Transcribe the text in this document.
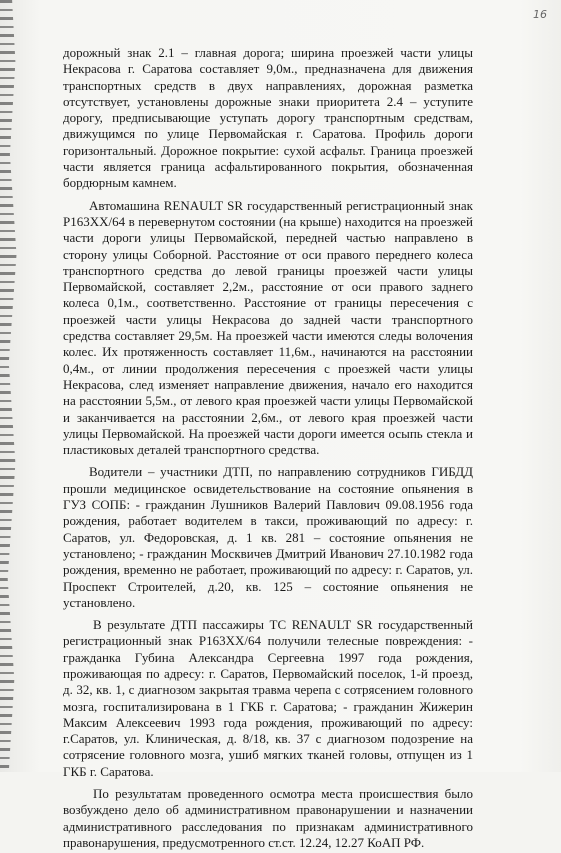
16

дорожный знак 2.1 – главная дорога; ширина проезжей части улицы Некрасова г. Саратова составляет 9,0м., предназначена для движения транспортных средств в двух направлениях, дорожная разметка отсутствует, установлены дорожные знаки приоритета 2.4 – уступите дорогу, предписывающие уступать дорогу транспортным средствам, движущимся по улице Первомайская г. Саратова. Профиль дороги горизонтальный. Дорожное покрытие: сухой асфальт. Граница проезжей части является граница асфальтированного покрытия, обозначенная бордюрным камнем.

Автомашина RENAULT SR государственный регистрационный знак Р163ХХ/64 в перевернутом состоянии (на крыше) находится на проезжей части дороги улицы Первомайской, передней частью направлено в сторону улицы Соборной. Расстояние от оси правого переднего колеса транспортного средства до левой границы проезжей части улицы Первомайской, составляет 2,2м., расстояние от оси правого заднего колеса 0,1м., соответственно. Расстояние от границы пересечения с проезжей части улицы Некрасова до задней части транспортного средства составляет 29,5м. На проезжей части имеются следы волочения колес. Их протяженность составляет 11,6м., начинаются на расстоянии 0,4м., от линии продолжения пересечения с проезжей части улицы Некрасова, след изменяет направление движения, начало его находится на расстоянии 5,5м., от левого края проезжей части улицы Первомайской и заканчивается на расстоянии 2,6м., от левого края проезжей части улицы Первомайской. На проезжей части дороги имеется осыпь стекла и пластиковых деталей транспортного средства.

Водители – участники ДТП, по направлению сотрудников ГИБДД прошли медицинское освидетельствование на состояние опьянения в ГУЗ СОПБ: - гражданин Лушников Валерий Павлович 09.08.1956 года рождения, работает водителем в такси, проживающий по адресу: г. Саратов, ул. Федоровская, д. 1 кв. 281 – состояние опьянения не установлено; - гражданин Москвичев Дмитрий Иванович 27.10.1982 года рождения, временно не работает, проживающий по адресу: г. Саратов, ул. Проспект Строителей, д.20, кв. 125 – состояние опьянения не установлено.

В результате ДТП пассажиры ТС RENAULT SR государственный регистрационный знак Р163ХХ/64 получили телесные повреждения: - гражданка Губина Александра Сергеевна 1997 года рождения, проживающая по адресу: г. Саратов, Первомайский поселок, 1-й проезд, д. 32, кв. 1, с диагнозом закрытая травма черепа с сотрясением головного мозга, госпитализирована в 1 ГКБ г. Саратова; - гражданин Жижерин Максим Алексеевич 1993 года рождения, проживающий по адресу: г.Саратов, ул. Клиническая, д. 8/18, кв. 37 с диагнозом подозрение на сотрясение головного мозга, ушиб мягких тканей головы, отпущен из 1 ГКБ г. Саратова.

По результатам проведенного осмотра места происшествия было возбуждено дело об административном правонарушении и назначении административного расследования по признакам административного правонарушения, предусмотренного ст.ст. 12.24, 12.27 КоАП РФ.
